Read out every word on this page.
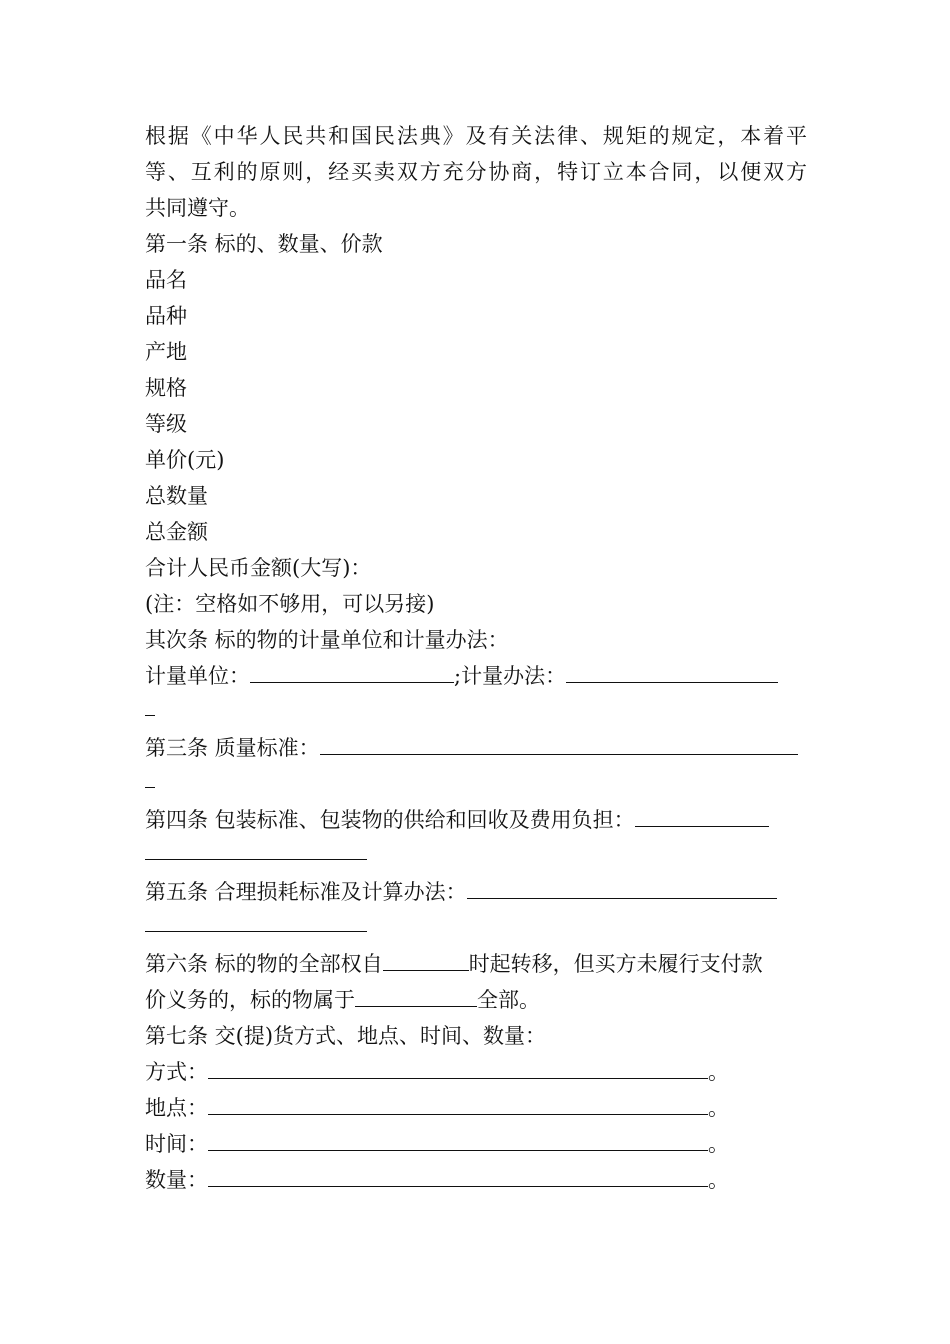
根据《中华人民共和国民法典》及有关法律、规矩的规定，本着平
等、互利的原则，经买卖双方充分协商，特订立本合同，以便双方
共同遵守。
第一条 标的、数量、价款
品名
品种
产地
规格
等级
单价(元)
总数量
总金额
合计人民币金额(大写)：
(注：空格如不够用，可以另接)
其次条 标的物的计量单位和计量办法：
计量单位：	;计量办法：
第三条 质量标准：
第四条 包装标准、包装物的供给和回收及费用负担：
第五条 合理损耗标准及计算办法：
第六条 标的物的全部权自	时起转移，但买方未履行支付款
价义务的，标的物属于	全部。
第七条 交(提)货方式、地点、时间、数量：
方式：	。
地点：	。
时间：	。
数量：	。
